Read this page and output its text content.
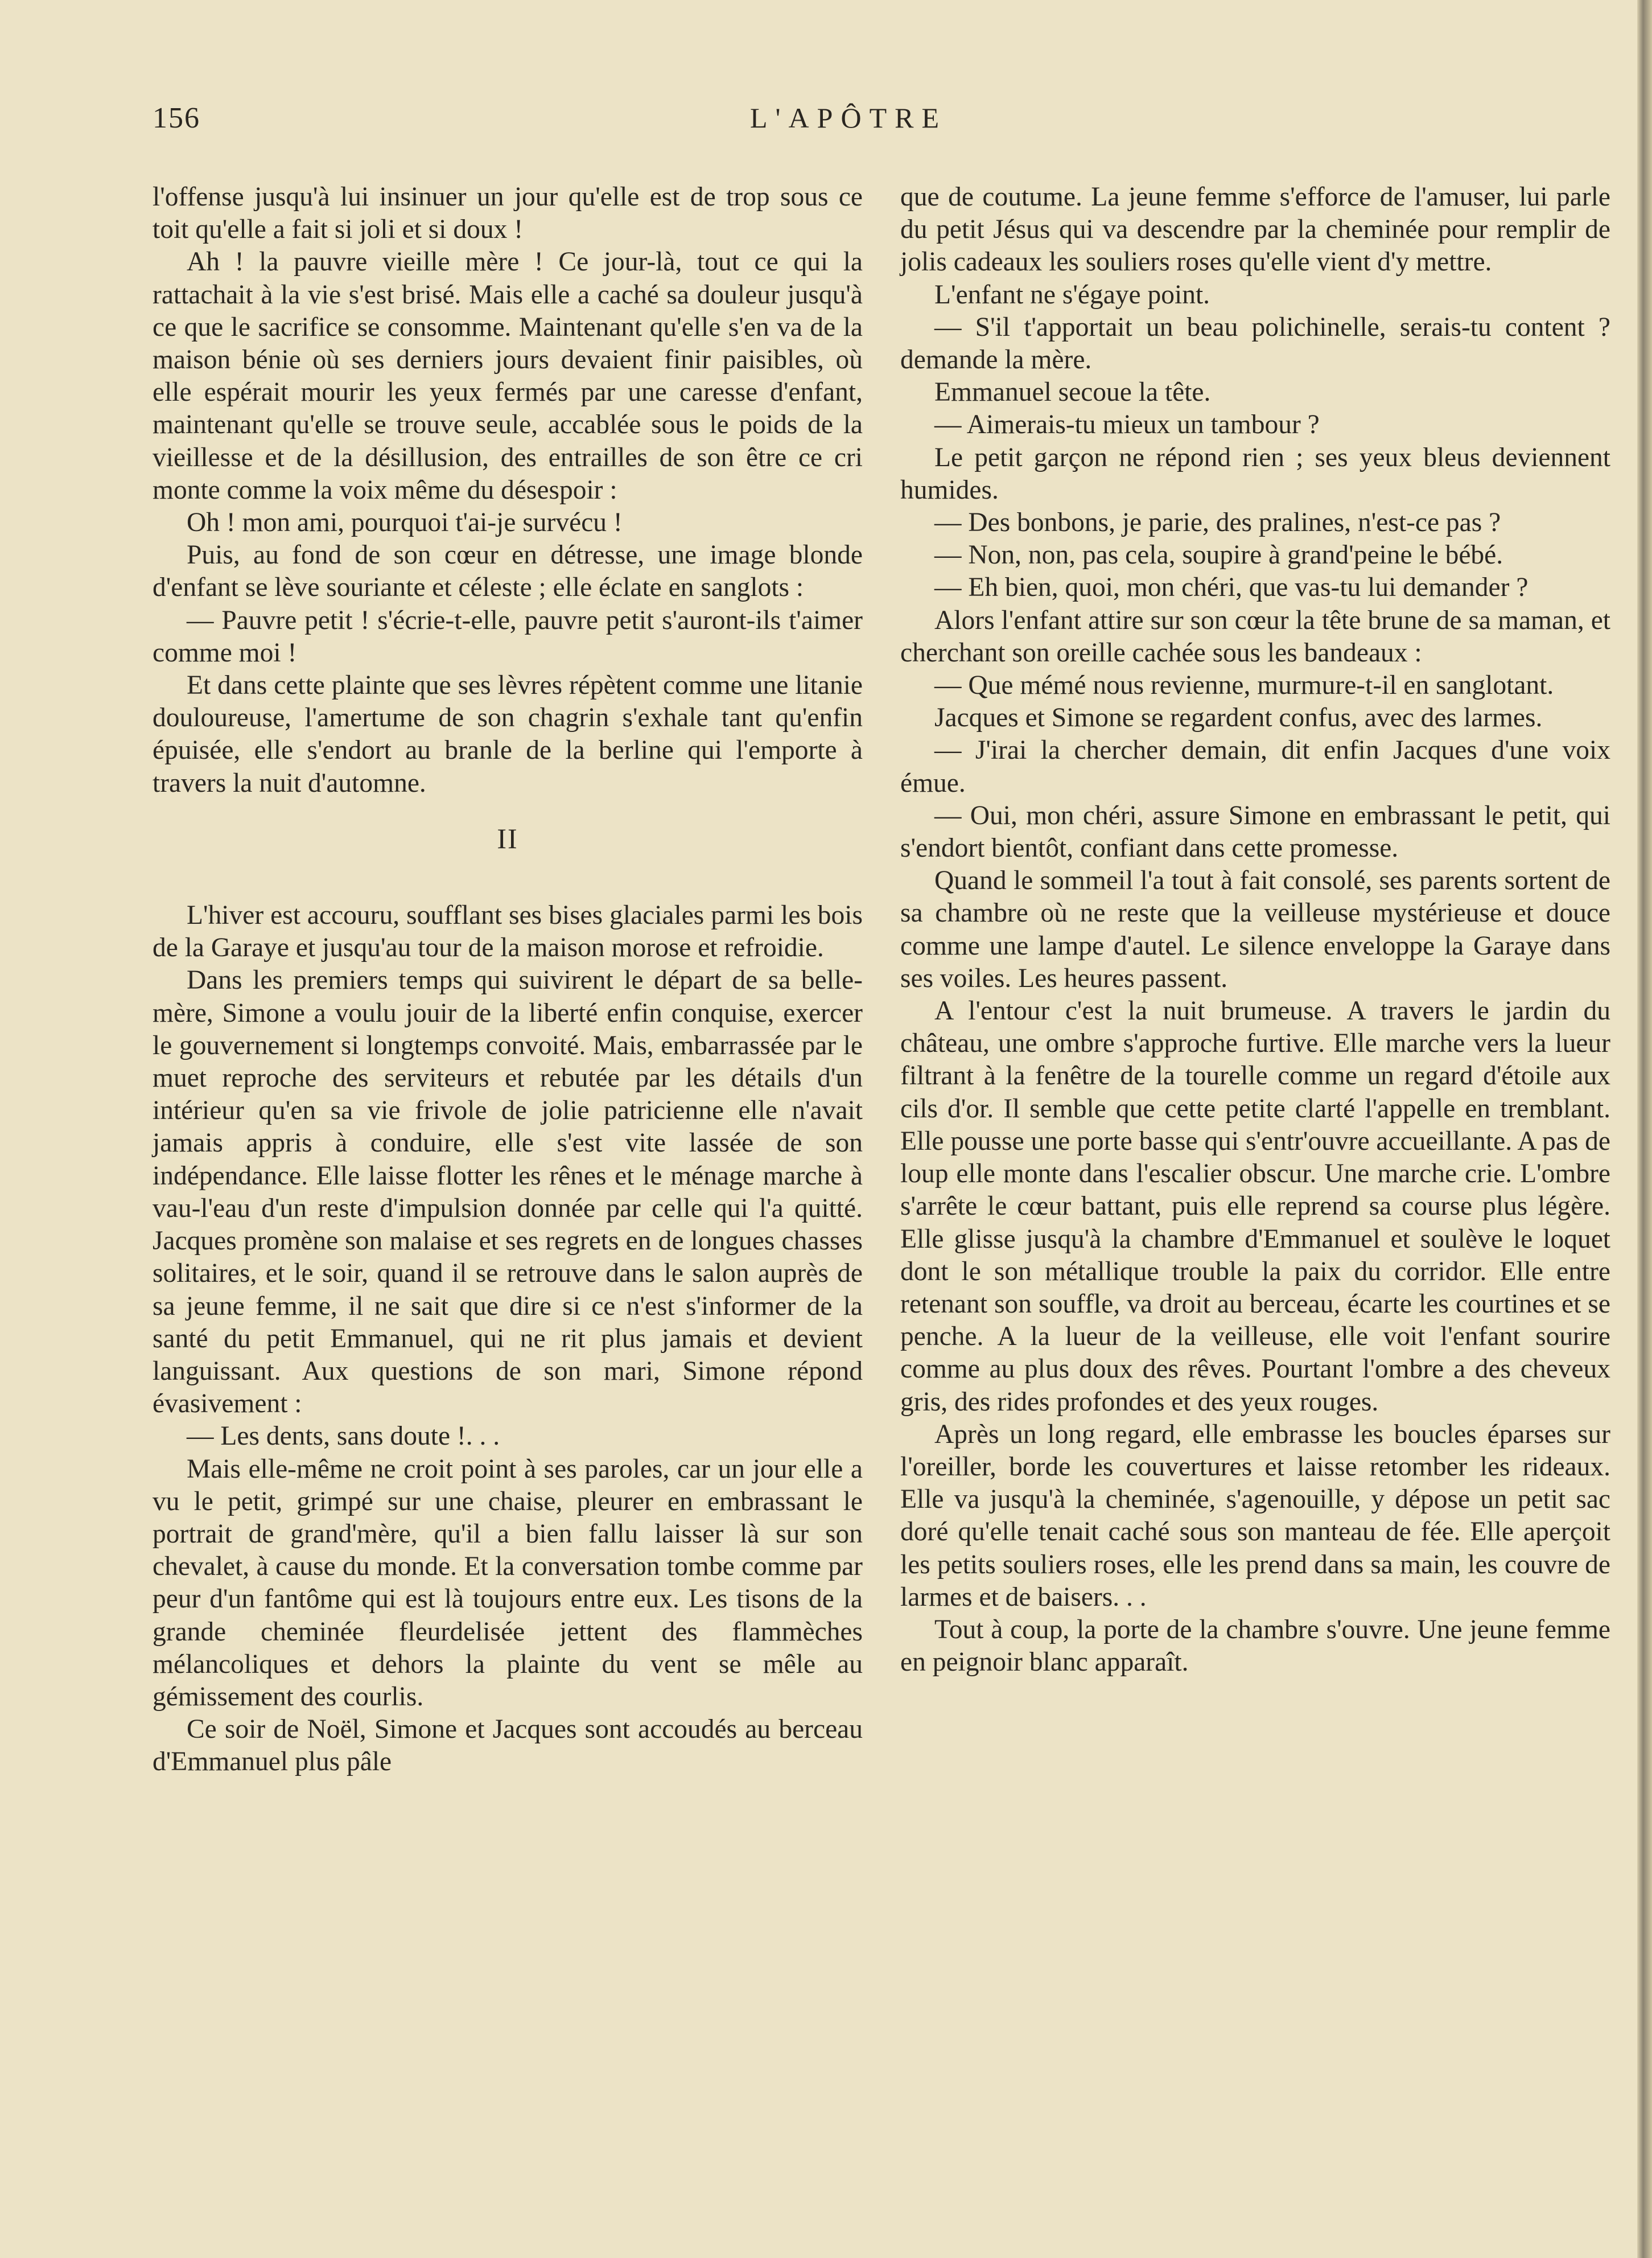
156	L'APÔTRE

l'offense jusqu'à lui insinuer un jour qu'elle est de trop sous ce toit qu'elle a fait si joli et si doux !

Ah ! la pauvre vieille mère ! Ce jour-là, tout ce qui la rattachait à la vie s'est brisé. Mais elle a caché sa douleur jusqu'à ce que le sacrifice se consomme. Maintenant qu'elle s'en va de la maison bénie où ses derniers jours devaient finir paisibles, où elle espérait mourir les yeux fermés par une caresse d'enfant, maintenant qu'elle se trouve seule, accablée sous le poids de la vieillesse et de la désillusion, des entrailles de son être ce cri monte comme la voix même du désespoir :

Oh ! mon ami, pourquoi t'ai-je survécu !

Puis, au fond de son cœur en détresse, une image blonde d'enfant se lève souriante et céleste ; elle éclate en sanglots :

— Pauvre petit ! s'écrie-t-elle, pauvre petit s'auront-ils t'aimer comme moi !

Et dans cette plainte que ses lèvres répètent comme une litanie douloureuse, l'amertume de son chagrin s'exhale tant qu'enfin épuisée, elle s'endort au branle de la berline qui l'emporte à travers la nuit d'automne.

II

L'hiver est accouru, soufflant ses bises glaciales parmi les bois de la Garaye et jusqu'au tour de la maison morose et refroidie.

Dans les premiers temps qui suivirent le départ de sa belle-mère, Simone a voulu jouir de la liberté enfin conquise, exercer le gouvernement si longtemps convoité. Mais, embarrassée par le muet reproche des serviteurs et rebutée par les détails d'un intérieur qu'en sa vie frivole de jolie patricienne elle n'avait jamais appris à conduire, elle s'est vite lassée de son indépendance. Elle laisse flotter les rênes et le ménage marche à vau-l'eau d'un reste d'impulsion donnée par celle qui l'a quitté. Jacques promène son malaise et ses regrets en de longues chasses solitaires, et le soir, quand il se retrouve dans le salon auprès de sa jeune femme, il ne sait que dire si ce n'est s'informer de la santé du petit Emmanuel, qui ne rit plus jamais et devient languissant. Aux questions de son mari, Simone répond évasivement :

— Les dents, sans doute !. . .

Mais elle-même ne croit point à ses paroles, car un jour elle a vu le petit, grimpé sur une chaise, pleurer en embrassant le portrait de grand'mère, qu'il a bien fallu laisser là sur son chevalet, à cause du monde. Et la conversation tombe comme par peur d'un fantôme qui est là toujours entre eux. Les tisons de la grande cheminée fleurdelisée jettent des flammèches mélancoliques et dehors la plainte du vent se mêle au gémissement des courlis.

Ce soir de Noël, Simone et Jacques sont accoudés au berceau d'Emmanuel plus pâle

que de coutume. La jeune femme s'efforce de l'amuser, lui parle du petit Jésus qui va descendre par la cheminée pour remplir de jolis cadeaux les souliers roses qu'elle vient d'y mettre.

L'enfant ne s'égaye point.

— S'il t'apportait un beau polichinelle, serais-tu content ? demande la mère.

Emmanuel secoue la tête.

— Aimerais-tu mieux un tambour ?

Le petit garçon ne répond rien ; ses yeux bleus deviennent humides.

— Des bonbons, je parie, des pralines, n'est-ce pas ?

— Non, non, pas cela, soupire à grand'peine le bébé.

— Eh bien, quoi, mon chéri, que vas-tu lui demander ?

Alors l'enfant attire sur son cœur la tête brune de sa maman, et cherchant son oreille cachée sous les bandeaux :

— Que mémé nous revienne, murmure-t-il en sanglotant.

Jacques et Simone se regardent confus, avec des larmes.

— J'irai la chercher demain, dit enfin Jacques d'une voix émue.

— Oui, mon chéri, assure Simone en embrassant le petit, qui s'endort bientôt, confiant dans cette promesse.

Quand le sommeil l'a tout à fait consolé, ses parents sortent de sa chambre où ne reste que la veilleuse mystérieuse et douce comme une lampe d'autel. Le silence enveloppe la Garaye dans ses voiles. Les heures passent.

A l'entour c'est la nuit brumeuse. A travers le jardin du château, une ombre s'approche furtive. Elle marche vers la lueur filtrant à la fenêtre de la tourelle comme un regard d'étoile aux cils d'or. Il semble que cette petite clarté l'appelle en tremblant. Elle pousse une porte basse qui s'entr'ouvre accueillante. A pas de loup elle monte dans l'escalier obscur. Une marche crie. L'ombre s'arrête le cœur battant, puis elle reprend sa course plus légère. Elle glisse jusqu'à la chambre d'Emmanuel et soulève le loquet dont le son métallique trouble la paix du corridor. Elle entre retenant son souffle, va droit au berceau, écarte les courtines et se penche. A la lueur de la veilleuse, elle voit l'enfant sourire comme au plus doux des rêves. Pourtant l'ombre a des cheveux gris, des rides profondes et des yeux rouges.

Après un long regard, elle embrasse les boucles éparses sur l'oreiller, borde les couvertures et laisse retomber les rideaux. Elle va jusqu'à la cheminée, s'agenouille, y dépose un petit sac doré qu'elle tenait caché sous son manteau de fée. Elle aperçoit les petits souliers roses, elle les prend dans sa main, les couvre de larmes et de baisers. . .

Tout à coup, la porte de la chambre s'ouvre. Une jeune femme en peignoir blanc apparaît.
